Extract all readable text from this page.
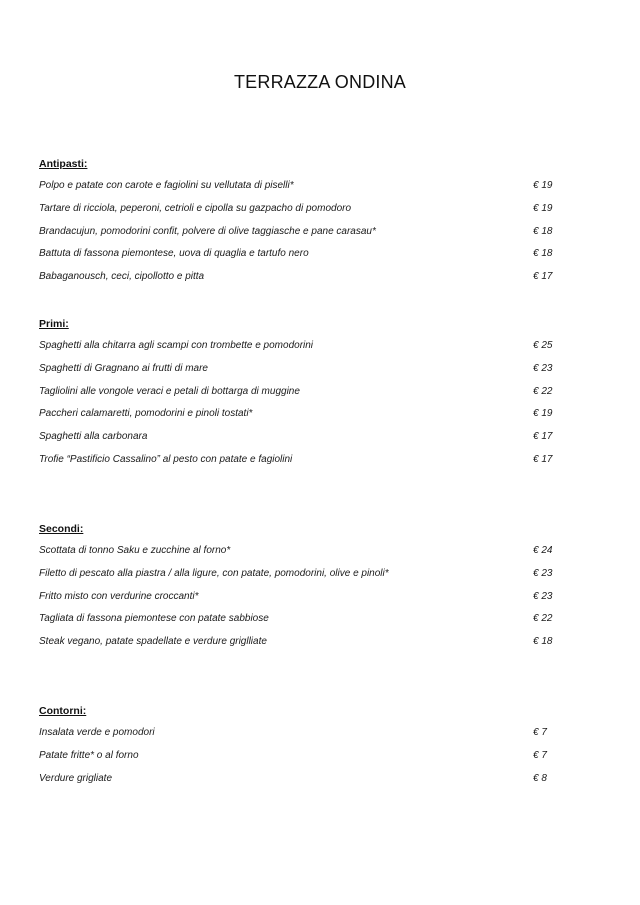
TERRAZZA ONDINA
Antipasti:
Polpo e patate con carote e fagiolini su vellutata di piselli*	€ 19
Tartare di ricciola, peperoni, cetrioli e cipolla su gazpacho di pomodoro	€ 19
Brandacujun, pomodorini confit, polvere di olive taggiasche e pane carasau*	€ 18
Battuta di fassona piemontese, uova di quaglia e tartufo nero	€ 18
Babaganousch, ceci, cipollotto e pitta	€ 17
Primi:
Spaghetti alla chitarra agli scampi con trombette e pomodorini	€ 25
Spaghetti di Gragnano ai frutti di mare	€ 23
Tagliolini alle vongole veraci e petali di bottarga di muggine	€ 22
Paccheri calamaretti, pomodorini e pinoli tostati*	€ 19
Spaghetti alla carbonara	€ 17
Trofie “Pastificio Cassalino” al pesto con patate e fagiolini	€ 17
Secondi:
Scottata di tonno Saku e zucchine al forno*	€ 24
Filetto di pescato alla piastra / alla ligure, con patate, pomodorini, olive e pinoli*	€ 23
Fritto misto con verdurine croccanti*	€ 23
Tagliata di fassona piemontese con patate sabbiose	€ 22
Steak vegano, patate spadellate e verdure griglliate	€ 18
Contorni:
Insalata verde e pomodori	€ 7
Patate fritte* o al forno	€ 7
Verdure grigliate	€ 8
